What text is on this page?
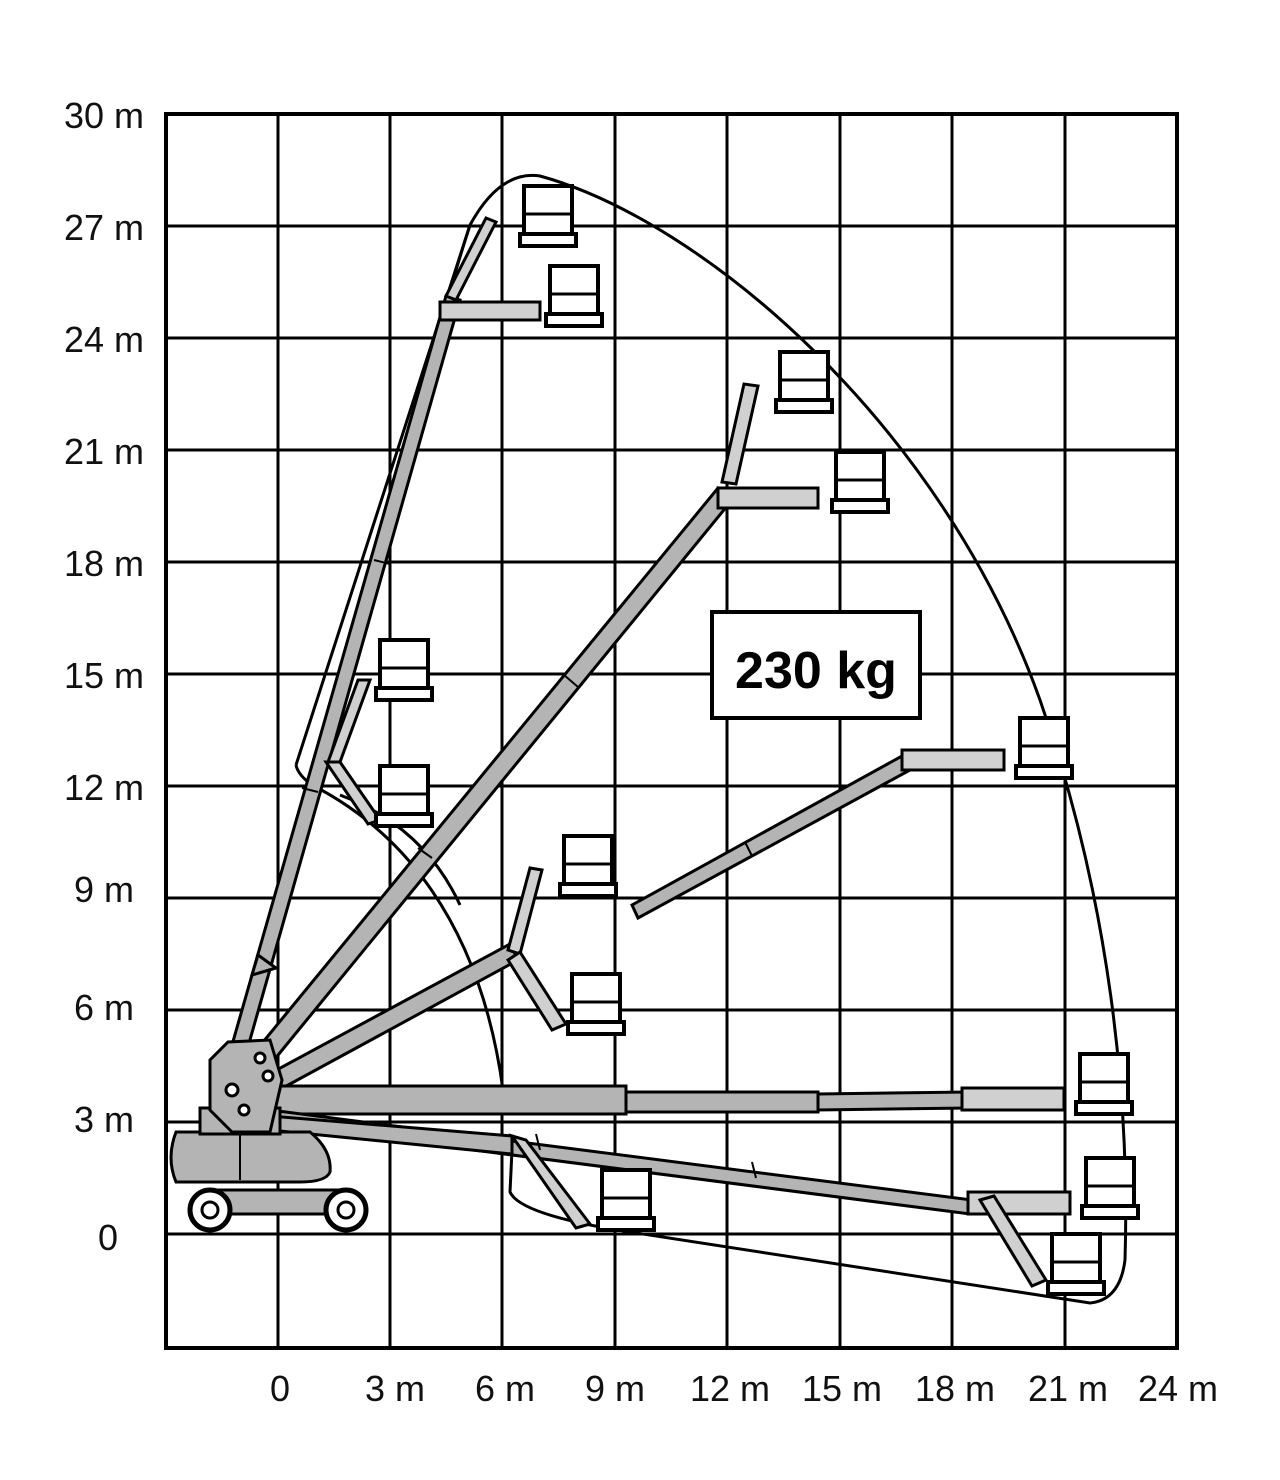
30 m
27 m
24 m
21 m
18 m
15 m
12 m
9 m
6 m
3 m
0
0 3 m 6 m 9 m 12 m 15 m 18 m 21 m 24 m
230 kg
